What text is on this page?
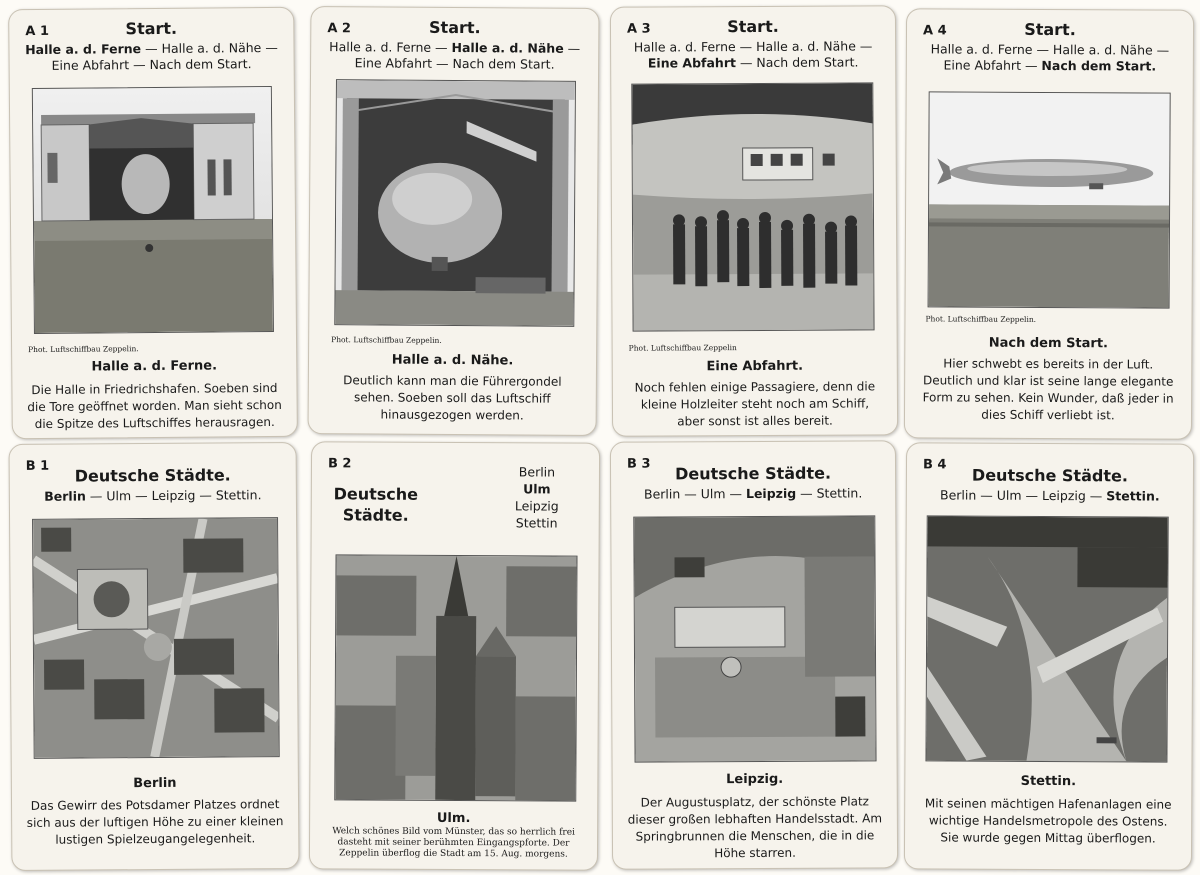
A 1	Start.
Halle a. d. Ferne — Halle a. d. Nähe —
Eine Abfahrt — Nach dem Start.
Phot. Luftschiffbau Zeppelin.
Halle a. d. Ferne.
Die Halle in Friedrichshafen. Soeben sind die Tore geöffnet worden. Man sieht schon die Spitze des Luftschiffes herausragen.
A 2	Start.
Halle a. d. Ferne — Halle a. d. Nähe —
Eine Abfahrt — Nach dem Start.
Phot. Luftschiffbau Zeppelin.
Halle a. d. Nähe.
Deutlich kann man die Führergondel sehen. Soeben soll das Luftschiff hinausgezogen werden.
A 3	Start.
Halle a. d. Ferne — Halle a. d. Nähe —
Eine Abfahrt — Nach dem Start.
Phot. Luftschiffbau Zeppelin
Eine Abfahrt.
Noch fehlen einige Passagiere, denn die kleine Holzleiter steht noch am Schiff, aber sonst ist alles bereit.
A 4	Start.
Halle a. d. Ferne — Halle a. d. Nähe —
Eine Abfahrt — Nach dem Start.
Phot. Luftschiffbau Zeppelin.
Nach dem Start.
Hier schwebt es bereits in der Luft. Deutlich und klar ist seine lange elegante Form zu sehen. Kein Wunder, daß jeder in dies Schiff verliebt ist.
B 1	Deutsche Städte.
Berlin — Ulm — Leipzig — Stettin.
Berlin
Das Gewirr des Potsdamer Platzes ordnet sich aus der luftigen Höhe zu einer kleinen lustigen Spielzeugangelegenheit.
B 2
Deutsche
Städte.
Berlin
Ulm
Leipzig
Stettin
Ulm.
Welch schönes Bild vom Münster, das so herrlich frei dasteht mit seiner berühmten Eingangspforte. Der Zeppelin überflog die Stadt am 15. Aug. morgens.
B 3	Deutsche Städte.
Berlin — Ulm — Leipzig — Stettin.
Leipzig.
Der Augustusplatz, der schönste Platz dieser großen lebhaften Handelsstadt. Am Springbrunnen die Menschen, die in die Höhe starren.
B 4
Deutsche Städte.
Berlin — Ulm — Leipzig — Stettin.
Stettin.
Mit seinen mächtigen Hafenanlagen eine wichtige Handelsmetropole des Ostens. Sie wurde gegen Mittag überflogen.
